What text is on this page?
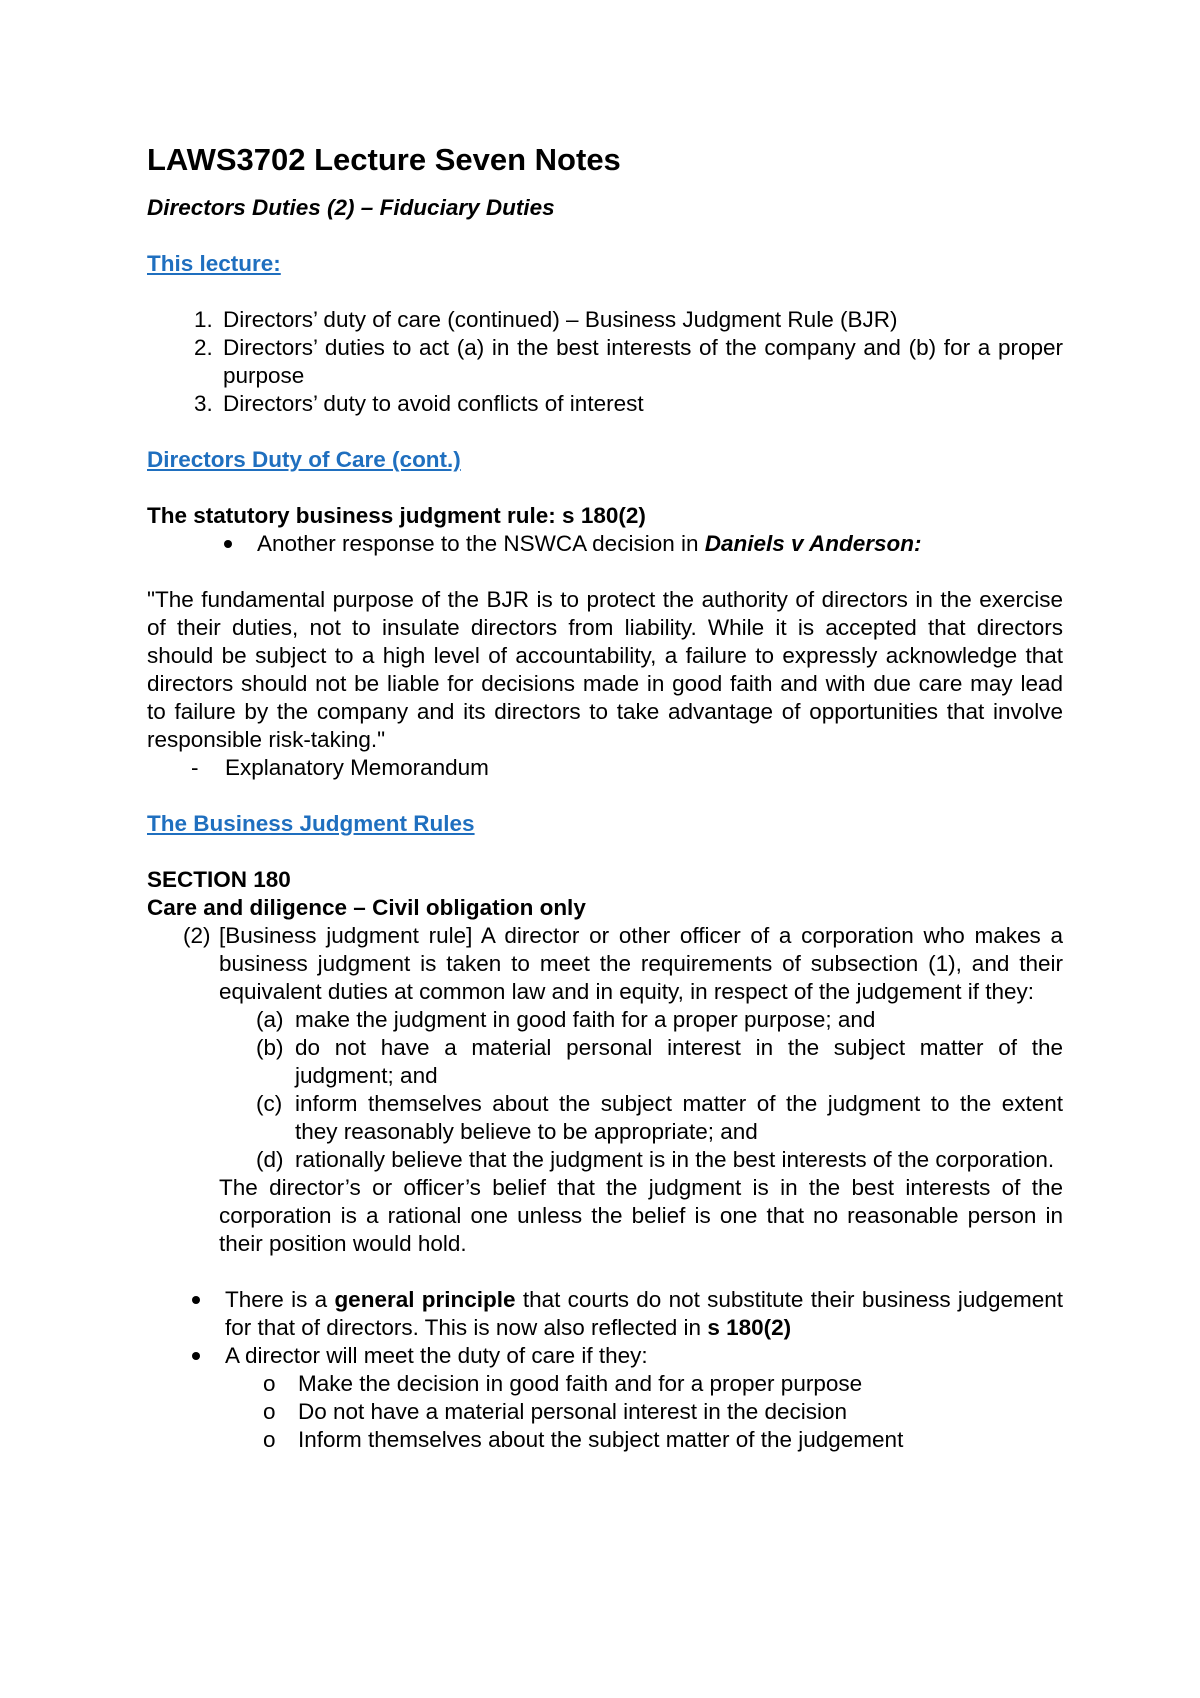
LAWS3702 Lecture Seven Notes

Directors Duties (2) – Fiduciary Duties

This lecture:

1. Directors’ duty of care (continued) – Business Judgment Rule (BJR)
2. Directors’ duties to act (a) in the best interests of the company and (b) for a proper purpose
3. Directors’ duty to avoid conflicts of interest

Directors Duty of Care (cont.)

The statutory business judgment rule: s 180(2)

Another response to the NSWCA decision in Daniels v Anderson:

"The fundamental purpose of the BJR is to protect the authority of directors in the exercise of their duties, not to insulate directors from liability. While it is accepted that directors should be subject to a high level of accountability, a failure to expressly acknowledge that directors should not be liable for decisions made in good faith and with due care may lead to failure by the company and its directors to take advantage of opportunities that involve responsible risk-taking."

- Explanatory Memorandum

The Business Judgment Rules

SECTION 180

Care and diligence – Civil obligation only

(2) [Business judgment rule] A director or other officer of a corporation who makes a business judgment is taken to meet the requirements of subsection (1), and their equivalent duties at common law and in equity, in respect of the judgement if they:
(a) make the judgment in good faith for a proper purpose; and
(b) do not have a material personal interest in the subject matter of the judgment; and
(c) inform themselves about the subject matter of the judgment to the extent they reasonably believe to be appropriate; and
(d) rationally believe that the judgment is in the best interests of the corporation.

The director’s or officer’s belief that the judgment is in the best interests of the corporation is a rational one unless the belief is one that no reasonable person in their position would hold.

There is a general principle that courts do not substitute their business judgement for that of directors. This is now also reflected in s 180(2)
A director will meet the duty of care if they:
o Make the decision in good faith and for a proper purpose
o Do not have a material personal interest in the decision
o Inform themselves about the subject matter of the judgement
